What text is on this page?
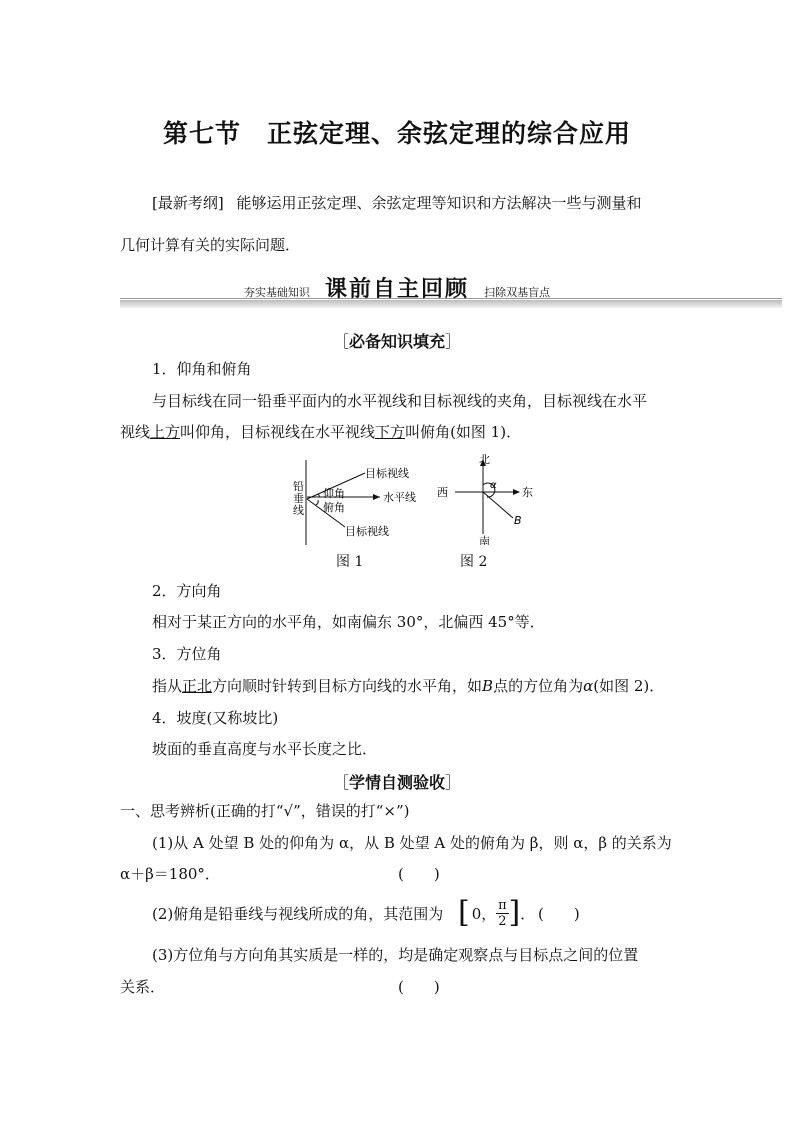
第七节　正弦定理、余弦定理的综合应用
[最新考纲] 能够运用正弦定理、余弦定理等知识和方法解决一些与测量和
几何计算有关的实际问题．
夯实基础知识 课前自主回顾 扫除双基盲点
［必备知识填充］
1．仰角和俯角
与目标线在同一铅垂平面内的水平视线和目标视线的夹角，目标视线在水平
视线上方叫仰角，目标视线在水平视线下方叫俯角(如图 1)．
铅
垂
线
目标视线
仰角	水平线
俯角
目标视线
图 1
北
南
西	东
α
B
图 2
2．方向角
相对于某正方向的水平角，如南偏东 30°，北偏西 45°等．
3．方位角
指从正北方向顺时针转到目标方向线的水平角，如B点的方位角为α(如图 2)．
4．坡度(又称坡比)
坡面的垂直高度与水平长度之比．
［学情自测验收］
一、思考辨析(正确的打“√”，错误的打“×”)
(1)从 A 处望 B 处的仰角为 α，从 B 处望 A 处的俯角为 β，则 α，β 的关系为
α＋β＝180°．	(　　)
(2)俯角是铅垂线与视线所成的角，其范围为 [ 0， $\frac{\pi}{2}$ ] ． (　　)
(3)方位角与方向角其实质是一样的，均是确定观察点与目标点之间的位置
关系．	(　　)
